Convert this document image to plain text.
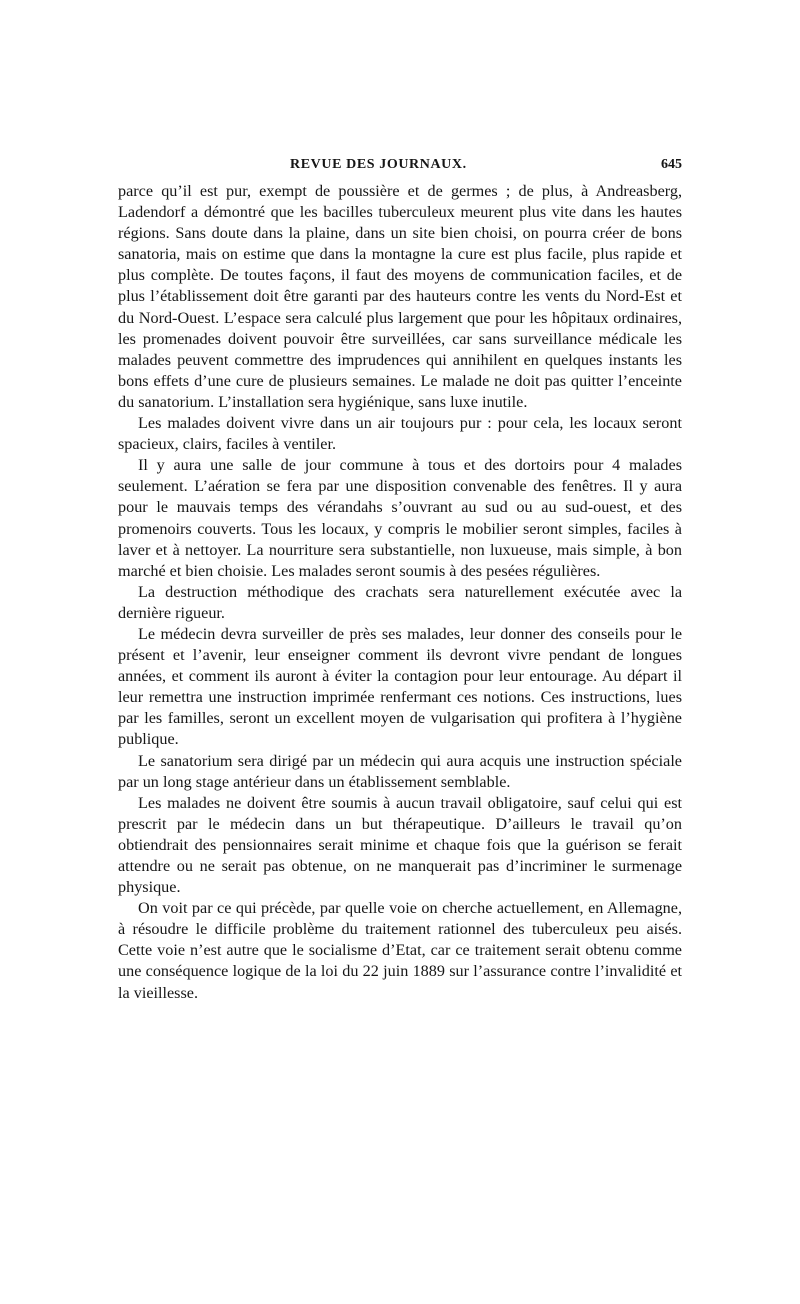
REVUE DES JOURNAUX.	645

parce qu’il est pur, exempt de poussière et de germes ; de plus, à Andreasberg, Ladendorf a démontré que les bacilles tuberculeux meurent plus vite dans les hautes régions. Sans doute dans la plaine, dans un site bien choisi, on pourra créer de bons sanatoria, mais on estime que dans la montagne la cure est plus facile, plus rapide et plus complète. De toutes façons, il faut des moyens de communication faciles, et de plus l’établissement doit être garanti par des hauteurs contre les vents du Nord-Est et du Nord-Ouest. L’espace sera calculé plus largement que pour les hôpitaux ordinaires, les promenades doivent pouvoir être surveillées, car sans surveillance médicale les malades peuvent commettre des imprudences qui annihilent en quelques instants les bons effets d’une cure de plusieurs semaines. Le malade ne doit pas quitter l’enceinte du sanatorium. L’installation sera hygiénique, sans luxe inutile.

Les malades doivent vivre dans un air toujours pur : pour cela, les locaux seront spacieux, clairs, faciles à ventiler.

Il y aura une salle de jour commune à tous et des dortoirs pour 4 malades seulement. L’aération se fera par une disposition convenable des fenêtres. Il y aura pour le mauvais temps des vérandahs s’ouvrant au sud ou au sud-ouest, et des promenoirs couverts. Tous les locaux, y compris le mobilier seront simples, faciles à laver et à nettoyer. La nourriture sera substantielle, non luxueuse, mais simple, à bon marché et bien choisie. Les malades seront soumis à des pesées régulières.

La destruction méthodique des crachats sera naturellement exécutée avec la dernière rigueur.

Le médecin devra surveiller de près ses malades, leur donner des conseils pour le présent et l’avenir, leur enseigner comment ils devront vivre pendant de longues années, et comment ils auront à éviter la contagion pour leur entourage. Au départ il leur remettra une instruction imprimée renfermant ces notions. Ces instructions, lues par les familles, seront un excellent moyen de vulgarisation qui profitera à l’hygiène publique.

Le sanatorium sera dirigé par un médecin qui aura acquis une instruction spéciale par un long stage antérieur dans un établissement semblable.

Les malades ne doivent être soumis à aucun travail obligatoire, sauf celui qui est prescrit par le médecin dans un but thérapeutique. D’ailleurs le travail qu’on obtiendrait des pensionnaires serait minime et chaque fois que la guérison se ferait attendre ou ne serait pas obtenue, on ne manquerait pas d’incriminer le surmenage physique.

On voit par ce qui précède, par quelle voie on cherche actuellement, en Allemagne, à résoudre le difficile problème du traitement rationnel des tuberculeux peu aisés. Cette voie n’est autre que le socialisme d’Etat, car ce traitement serait obtenu comme une conséquence logique de la loi du 22 juin 1889 sur l’assurance contre l’invalidité et la vieillesse.
